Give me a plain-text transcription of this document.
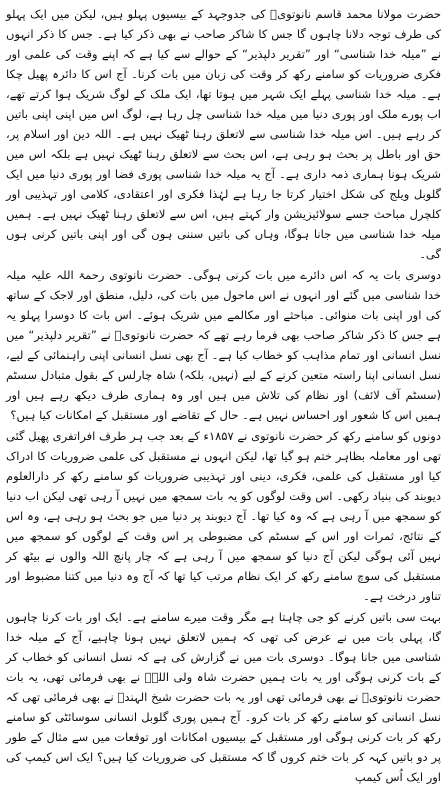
حضرت مولانا محمد قاسم نانوتویؒ کی جدوجہد کے بیسیوں پہلو ہیں، لیکن میں ایک پہلو کی طرف توجہ دلانا چاہوں گا جس کا شاکر صاحب نے بھی ذکر کیا ہے۔ جس کا ذکر انہوں نے ”میلہ خدا شناسی“ اور ”تقریر دلپذیر“ کے حوالے سے کیا ہے کہ اپنے وقت کی علمی اور فکری ضروریات کو سامنے رکھ کر وقت کی زبان میں بات کرنا۔ آج اس کا دائرہ پھیل چکا ہے۔ میلہ خدا شناسی پہلے ایک شہر میں ہوتا تھا، ایک ملک کے لوگ شریک ہوا کرتے تھے، اب پورے ملک اور پوری دنیا میں میلہ خدا شناسی چل رہا ہے، لوگ اس میں اپنی اپنی باتیں کر رہے ہیں۔ اس میلہ خدا شناسی سے لاتعلق رہنا ٹھیک نہیں ہے۔ اللہ دین اور اسلام پر، حق اور باطل پر بحث ہو رہی ہے، اس بحث سے لاتعلق رہنا ٹھیک نہیں ہے بلکہ اس میں شریک ہونا ہماری ذمہ داری ہے۔ آج یہ میلہ خدا شناسی پوری فضا اور پوری دنیا میں ایک گلوبل ویلج کی شکل اختیار کرتا جا رہا ہے لہٰذا فکری اور اعتقادی، کلامی اور تہذیبی اور کلچرل مباحث جسے سولائیزیشن وار کہتے ہیں، اس سے لاتعلق رہنا ٹھیک نہیں ہے۔ ہمیں میلہ خدا شناسی میں جانا ہوگا، وہاں کی باتیں سننی ہوں گی اور اپنی باتیں کرنی ہوں گی۔

دوسری بات یہ کہ اس دائرے میں بات کرنی ہوگی۔ حضرت نانوتوی رحمۃ اللہ علیہ میلہ خدا شناسی میں گئے اور انہوں نے اس ماحول میں بات کی، دلیل، منطق اور لاجک کے ساتھ کی اور اپنی بات منوائی۔ مباحثے اور مکالمے میں شریک ہوئے۔ اس بات کا دوسرا پہلو یہ ہے جس کا ذکر شاکر صاحب بھی فرما رہے تھے کہ حضرت نانوتویؒ نے ”تقریر دلپذیر“ میں نسل انسانی اور تمام مذاہب کو خطاب کیا ہے۔ آج بھی نسل انسانی اپنی راہنمائی کے لیے، نسل انسانی اپنا راستہ متعین کرنے کے لیے (نہیں، بلکہ) شاہ چارلس کے بقول متبادل سسٹم (سسٹم آف لائف) اور نظام کی تلاش میں ہیں اور وہ ہماری طرف دیکھ رہے ہیں اور ہمیں اس کا شعور اور احساس نہیں ہے۔ حال کے تقاضے اور مستقبل کے امکانات کیا ہیں؟

دونوں کو سامنے رکھ کر حضرت نانوتوی نے ۱۸۵۷ء کے بعد جب ہر طرف افراتفری پھیل گئی تھی اور معاملہ بظاہر ختم ہو گیا تھا، لیکن انہوں نے مستقبل کی علمی ضروریات کا ادراک کیا اور مستقبل کی علمی، فکری، دینی اور تہذیبی ضروریات کو سامنے رکھ کر دارالعلوم دیوبند کی بنیاد رکھی۔ اس وقت لوگوں کو یہ بات سمجھ میں نہیں آ رہی تھی لیکن اب دنیا کو سمجھ میں آ رہی ہے کہ وہ کیا تھا۔ آج دیوبند پر دنیا میں جو بحث ہو رہی ہے، وہ اس کے نتائج، ثمرات اور اس کے سسٹم کی مضبوطی پر اس وقت کے لوگوں کو سمجھ میں نہیں آئی ہوگی لیکن آج دنیا کو سمجھ میں آ رہی ہے کہ چار پانچ اللہ والوں نے بیٹھ کر مستقبل کی سوچ سامنے رکھ کر ایک نظام مرتب کیا تھا کہ آج وہ دنیا میں کتنا مضبوط اور تناور درخت ہے۔

بہت سی باتیں کرنے کو جی چاہتا ہے مگر وقت میرے سامنے ہے۔ ایک اور بات کرنا چاہوں گا، پہلی بات میں نے عرض کی تھی کہ ہمیں لاتعلق نہیں ہونا چاہیے، آج کے میلہ خدا شناسی میں جانا ہوگا۔ دوسری بات میں نے گزارش کی ہے کہ نسل انسانی کو خطاب کر کے بات کرنی ہوگی اور یہ بات ہمیں حضرت شاہ ولی اللہؒ نے بھی فرمائی تھی، یہ بات حضرت نانوتویؒ نے بھی فرمائی تھی اور یہ بات حضرت شیخ الہندؒ نے بھی فرمائی تھی کہ نسل انسانی کو سامنے رکھ کر بات کرو۔ آج ہمیں پوری گلوبل انسانی سوسائٹی کو سامنے رکھ کر بات کرنی ہوگی اور مستقبل کے بیسیوں امکانات اور توقعات میں سے مثال کے طور پر دو باتیں کہہ کر بات ختم کروں گا کہ مستقبل کی ضروریات کیا ہیں؟ ایک اس کیمپ کی اور ایک اُس کیمپ
